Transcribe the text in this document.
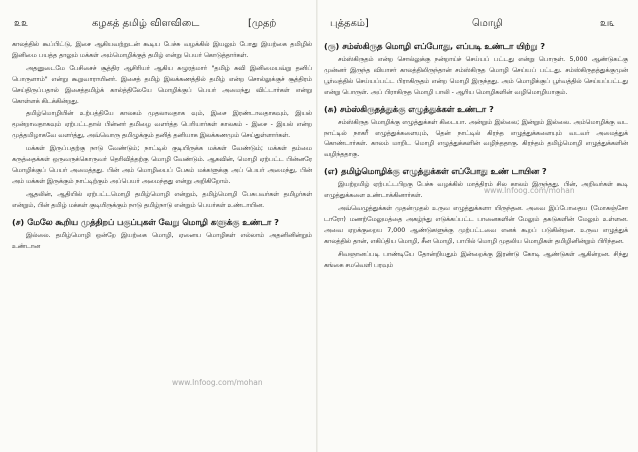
௨௨	கழகத் தமிழ் விளவிடை	[முதற்

காலத்தில் கூப்பிட்டு, இசை ஆகியவற்றுடன் கூடிய பேச்சு வழக்கில் இயலும் போது இயற்கை தமிழில் இனிமை பயத்த தாலும் மக்கள் அம்மொழிக்குத் தமிழ் என்று பெயர் கொடுத்தார்கள்.

அதனுடைமே பேசிசைச் சூத்திர ஆசிரியர் ஆகிய சுழுரத்மார் "தமிழ் சுவி இனிமையவ்று தனிப் பொருளாம்" என்று கூறுவாராயினர். இசைத் தமிழ் இலக்கணத்தில் தமிழ் என்ற சொல்லுக்குச் சூத்திரம் செய்திருப்பதால் இசைத்தமிழ்க் கால்த்திலேயே மொழிக்குப் பெயர் அமைந்து விட்டார்கள் என்று கொள்ளக் கிடக்கின்றது.

தமிழ்மொழியின் உற்பத்தியே காலகம் முதலாவதாக வும், இசை இரண்டாவதாகவும், இயல் மூன்றாவதாகவும் ஏற்பட்டதால் பின்னர் தமிழை வளர்த்த பெரியார்கள் காலகம் - இசை - இயல் என்ற முத்தமிழாகவே வளர்த்து, அவ்வொரு தமிழுக்கும் தனித் தனியாக இலக்கணமும் செய்துள்ளார்கள்.

மக்கள் இருப்பதற்கு நாடு வேண்டும்; நாட்டில் குடியிருக்க மக்கள் வேண்டும்; மக்கள் தம்மை கருத்தைக்கள் ஒருவருக்கொருவர் தெரிவித்தற்கு மொழி வேண்டும். ஆகவின், மொழி ஏற்பட்ட பின்னரே மொழிக்குப் பெயர் அமைத்தது. பின் அம் மொழியைப் பேசும் மக்களுக்கு அப் பெயர் அமைந்து, பின் அம் மக்கள் இருக்கும் நாட்டிற்கும் அப்பெயர் அமைந்தது என்று அறிகிறோம்.

ஆதலின், ஆதியில் ஏற்பட்டமொழி தமிழ்மொழி என்றும், தமிழ்மொழி பேசுபவர்கள் தமிழர்கள் என்றும், பின் தமிழ் மக்கள் குடியிருக்கும் நாடு தமிழ்நாடு என்றும் பெயர்கள் உண்டாயின.

(ச) மேலே கூறிய முத்திறப் பகுப்புகள் வேறு மொழி களுக்கு உண்டா ?

இல்லை. தமிழ்மொழி ஒன்றே இயற்கை மொழி, ஏனைய மொழிகள் எல்லாம் அதனினின்றும் உண்டான

www.Infoog.com/mohan
புத்தகம்]	மொழி	௨௩
(ரு) சம்ஸ்கிருத மொழி எப்போது, எப்படி உண்டா யிற்று ?

சம்ஸ்கிருதம் என்ற சொல்லுக்கு நன்றாய்ச் செய்யப் பட்டது என்று பொருள். 5,000 ஆண்டுகட்கு முன்னர் இருந்த வியாசர் காலத்திலிருந்தான் சம்ஸ்கிருத மொழி செய்யப் பட்டது. சம்ஸ்கிருதத்துக்குமுன் பூர்வத்தில் செய்யப்பட்ட பிராகிருதம் என்ற மொழி இருந்தது. அம் மொழிக்குப் பூர்வத்தில் செய்யப்பட்டது என்று பொருள். அப் பிராகிருத மொழி பாலி - ஆரிய மொழிகளின் வழிமொழியாகும்.

(சு) சம்ஸ்கிருதத்துக்கு எழுத்துக்கள் உண்டா ?

சம்ஸ்கிருத மொழிக்கு எழுத்துக்கள் கிடையா. அன்றும் இல்லை; இன்றும் இல்லை. அம்மொழிக்கு வட நாட்டில் நாகரீ எழுத்துக்களையும், தென் நாட்டில் கிரந்த எழுத்துக்களையும் வடவர் அமைத்துக் கொண்டார்கள். காலம் மாறிட மொழி எழுத்துக்களின் வழிந்ததாகு. கிரந்தம் தமிழ்மொழி எழுத்துக்களின் வழிந்ததாகு.

(எ) தமிழ்மொழிக்கு எழுத்துக்கள் எப்போது உண் டாயின ?

இயற்றமிழ் ஏற்பட்டபிறகு பேச்சு வழக்கில் மாத்திரம் சில காலம் இருந்தது. பின், அறிவர்கள் கூடி எழுத்துக்களை உண்டாக்கினார்கள்.

அவ்வெழுத்துக்கள் முதன்முதல் உருவ எழுத்துக்களா யிருந்தன. அவை இப்போதைய (மோகஞ்சோ டாரோ) மணற்மேலுமத்தை அகழ்ந்து எடுக்கப்பட்ட பானைகளின் மேலும் தகடுகளின் மேலும் உள்ளன. அவை ஏறக்குறைய 7,000 ஆண்டுகளுக்கு முற்பட்டவை எனக் கூறப் படுகின்றன. உருவ எழுத்துக் காலத்தில் தான், எகிப்திய மொழி, சீன மொழி, பாபில் மொழி முதலிய மொழிகள் தமிழினின்றும் பிரிந்தன.

சிவஞானப்படி பாண்டியே தோன்றியதும் இன்றைக்கு இரண்டு கோடி ஆண்டுகள் ஆகின்றன. சிந்து கங்கை சமவெளி பரவும்

www.Infoog.com/mohan
